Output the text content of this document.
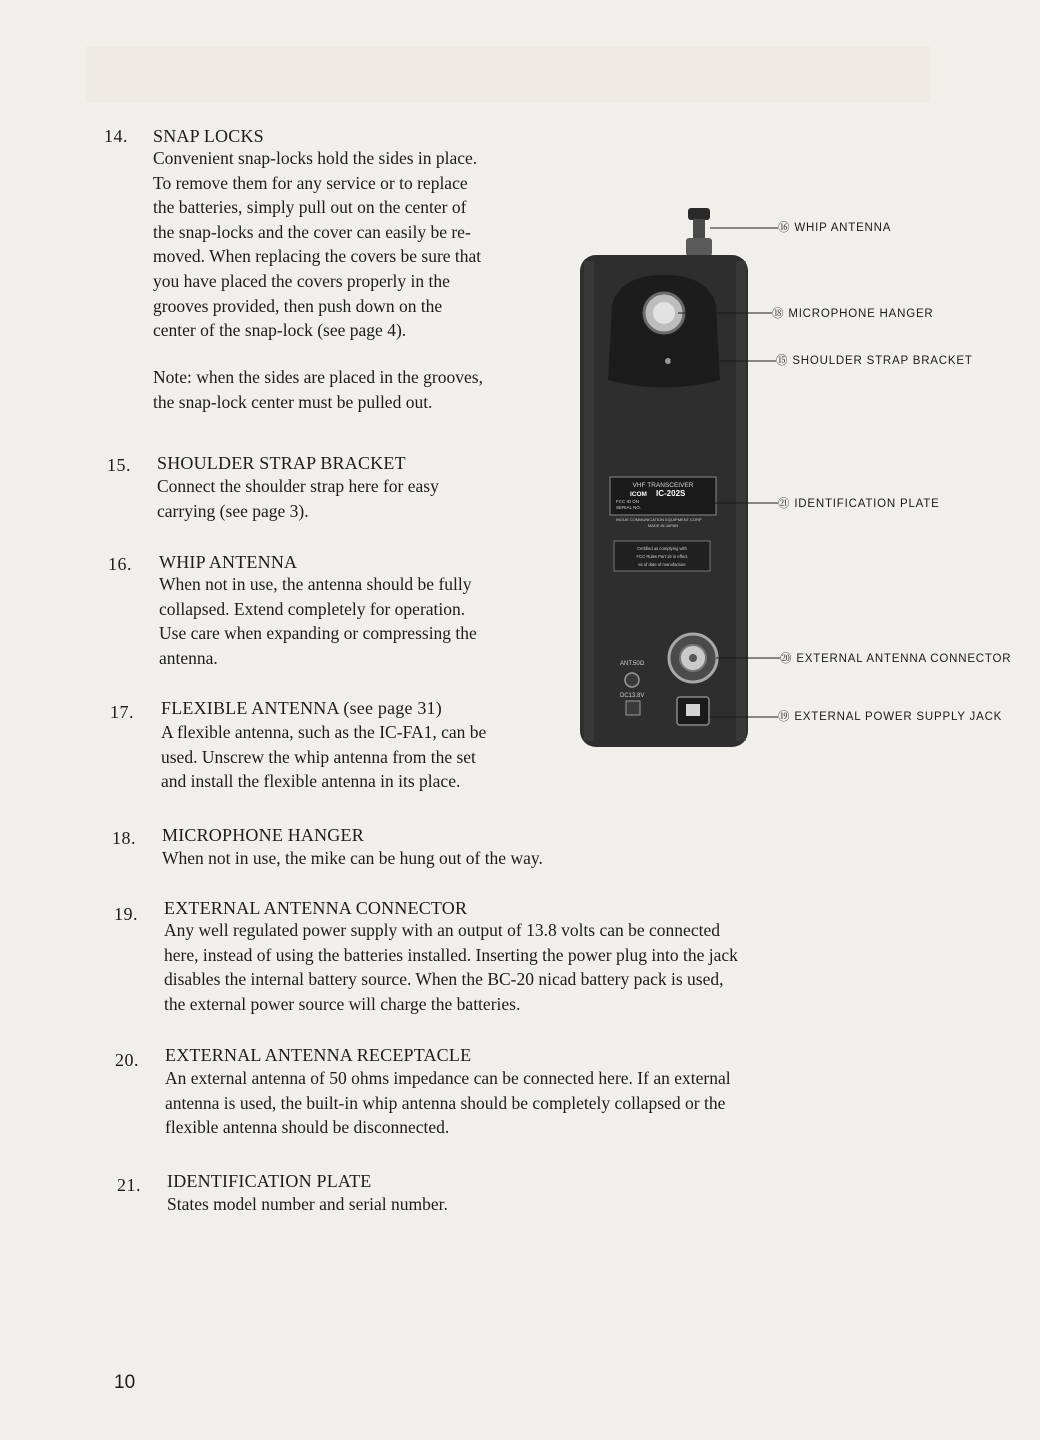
14. SNAP LOCKS
Convenient snap-locks hold the sides in place.
To remove them for any service or to replace
the batteries, simply pull out on the center of
the snap-locks and the cover can easily be re-
moved. When replacing the covers be sure that
you have placed the covers properly in the
grooves provided, then push down on the
center of the snap-lock (see page 4).
Note: when the sides are placed in the grooves,
the snap-lock center must be pulled out.
15. SHOULDER STRAP BRACKET
Connect the shoulder strap here for easy
carrying (see page 3).
16. WHIP ANTENNA
When not in use, the antenna should be fully
collapsed. Extend completely for operation.
Use care when expanding or compressing the
antenna.
17. FLEXIBLE ANTENNA (see page 31)
A flexible antenna, such as the IC-FA1, can be
used. Unscrew the whip antenna from the set
and install the flexible antenna in its place.
18. MICROPHONE HANGER
When not in use, the mike can be hung out of the way.
19. EXTERNAL ANTENNA CONNECTOR
Any well regulated power supply with an output of 13.8 volts can be connected
here, instead of using the batteries installed. Inserting the power plug into the jack
disables the internal battery source. When the BC-20 nicad battery pack is used,
the external power source will charge the batteries.
20. EXTERNAL ANTENNA RECEPTACLE
An external antenna of 50 ohms impedance can be connected here. If an external
antenna is used, the built-in whip antenna should be completely collapsed or the
flexible antenna should be disconnected.
21. IDENTIFICATION PLATE
States model number and serial number.
10
VHF TRANSCEIVER
ICOM IC-202S
FCC ID ON
SERIAL NO.
INOUE COMMUNICATION EQUIPMENT CORP
MADE IN JAPAN
Certified as complying with
FCC Rules Part 15 in effect
as of date of manufacture
ANT.50Ω
DC13.8V
⑯ WHIP ANTENNA
⑱ MICROPHONE HANGER
⑮ SHOULDER STRAP BRACKET
㉑ IDENTIFICATION PLATE
⑳ EXTERNAL ANTENNA CONNECTOR
⑲ EXTERNAL POWER SUPPLY JACK
